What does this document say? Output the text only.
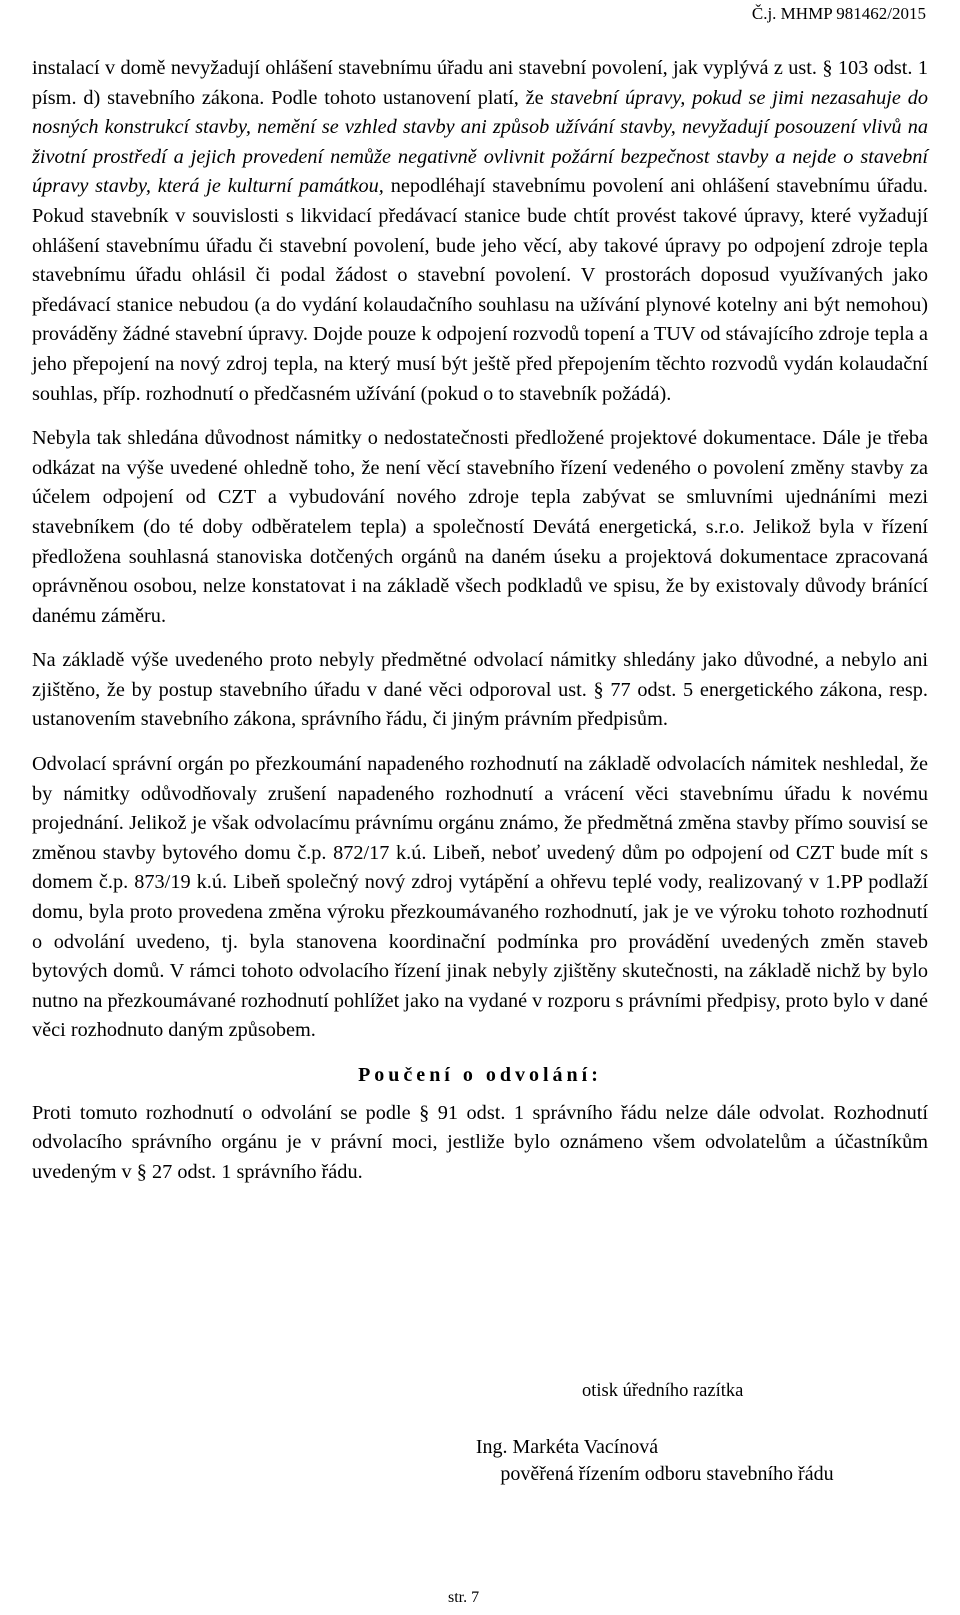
Č.j. MHMP 981462/2015

instalací v domě nevyžadují ohlášení stavebnímu úřadu ani stavební povolení, jak vyplývá z ust. § 103 odst. 1 písm. d) stavebního zákona. Podle tohoto ustanovení platí, že stavební úpravy, pokud se jimi nezasahuje do nosných konstrukcí stavby, nemění se vzhled stavby ani způsob užívání stavby, nevyžadují posouzení vlivů na životní prostředí a jejich provedení nemůže negativně ovlivnit požární bezpečnost stavby a nejde o stavební úpravy stavby, která je kulturní památkou, nepodléhají stavebnímu povolení ani ohlášení stavebnímu úřadu. Pokud stavebník v souvislosti s likvidací předávací stanice bude chtít provést takové úpravy, které vyžadují ohlášení stavebnímu úřadu či stavební povolení, bude jeho věcí, aby takové úpravy po odpojení zdroje tepla stavebnímu úřadu ohlásil či podal žádost o stavební povolení. V prostorách doposud využívaných jako předávací stanice nebudou (a do vydání kolaudačního souhlasu na užívání plynové kotelny ani být nemohou) prováděny žádné stavební úpravy. Dojde pouze k odpojení rozvodů topení a TUV od stávajícího zdroje tepla a jeho přepojení na nový zdroj tepla, na který musí být ještě před přepojením těchto rozvodů vydán kolaudační souhlas, příp. rozhodnutí o předčasném užívání (pokud o to stavebník požádá).

Nebyla tak shledána důvodnost námitky o nedostatečnosti předložené projektové dokumentace. Dále je třeba odkázat na výše uvedené ohledně toho, že není věcí stavebního řízení vedeného o povolení změny stavby za účelem odpojení od CZT a vybudování nového zdroje tepla zabývat se smluvními ujednáními mezi stavebníkem (do té doby odběratelem tepla) a společností Devátá energetická, s.r.o. Jelikož byla v řízení předložena souhlasná stanoviska dotčených orgánů na daném úseku a projektová dokumentace zpracovaná oprávněnou osobou, nelze konstatovat i na základě všech podkladů ve spisu, že by existovaly důvody bránící danému záměru.

Na základě výše uvedeného proto nebyly předmětné odvolací námitky shledány jako důvodné, a nebylo ani zjištěno, že by postup stavebního úřadu v dané věci odporoval ust. § 77 odst. 5 energetického zákona, resp. ustanovením stavebního zákona, správního řádu, či jiným právním předpisům.

Odvolací správní orgán po přezkoumání napadeného rozhodnutí na základě odvolacích námitek neshledal, že by námitky odůvodňovaly zrušení napadeného rozhodnutí a vrácení věci stavebnímu úřadu k novému projednání. Jelikož je však odvolacímu právnímu orgánu známo, že předmětná změna stavby přímo souvisí se změnou stavby bytového domu č.p. 872/17 k.ú. Libeň, neboť uvedený dům po odpojení od CZT bude mít s domem č.p. 873/19 k.ú. Libeň společný nový zdroj vytápění a ohřevu teplé vody, realizovaný v 1.PP podlaží domu, byla proto provedena změna výroku přezkoumávaného rozhodnutí, jak je ve výroku tohoto rozhodnutí o odvolání uvedeno, tj. byla stanovena koordinační podmínka pro provádění uvedených změn staveb bytových domů. V rámci tohoto odvolacího řízení jinak nebyly zjištěny skutečnosti, na základě nichž by bylo nutno na přezkoumávané rozhodnutí pohlížet jako na vydané v rozporu s právními předpisy, proto bylo v dané věci rozhodnuto daným způsobem.

Poučení o odvolání:

Proti tomuto rozhodnutí o odvolání se podle § 91 odst. 1 správního řádu nelze dále odvolat. Rozhodnutí odvolacího správního orgánu je v právní moci, jestliže bylo oznámeno všem odvolatelům a účastníkům uvedeným v § 27 odst. 1 správního řádu.

otisk úředního razítka
Ing. Markéta Vacínová
pověřená řízením odboru stavebního řádu
str. 7
